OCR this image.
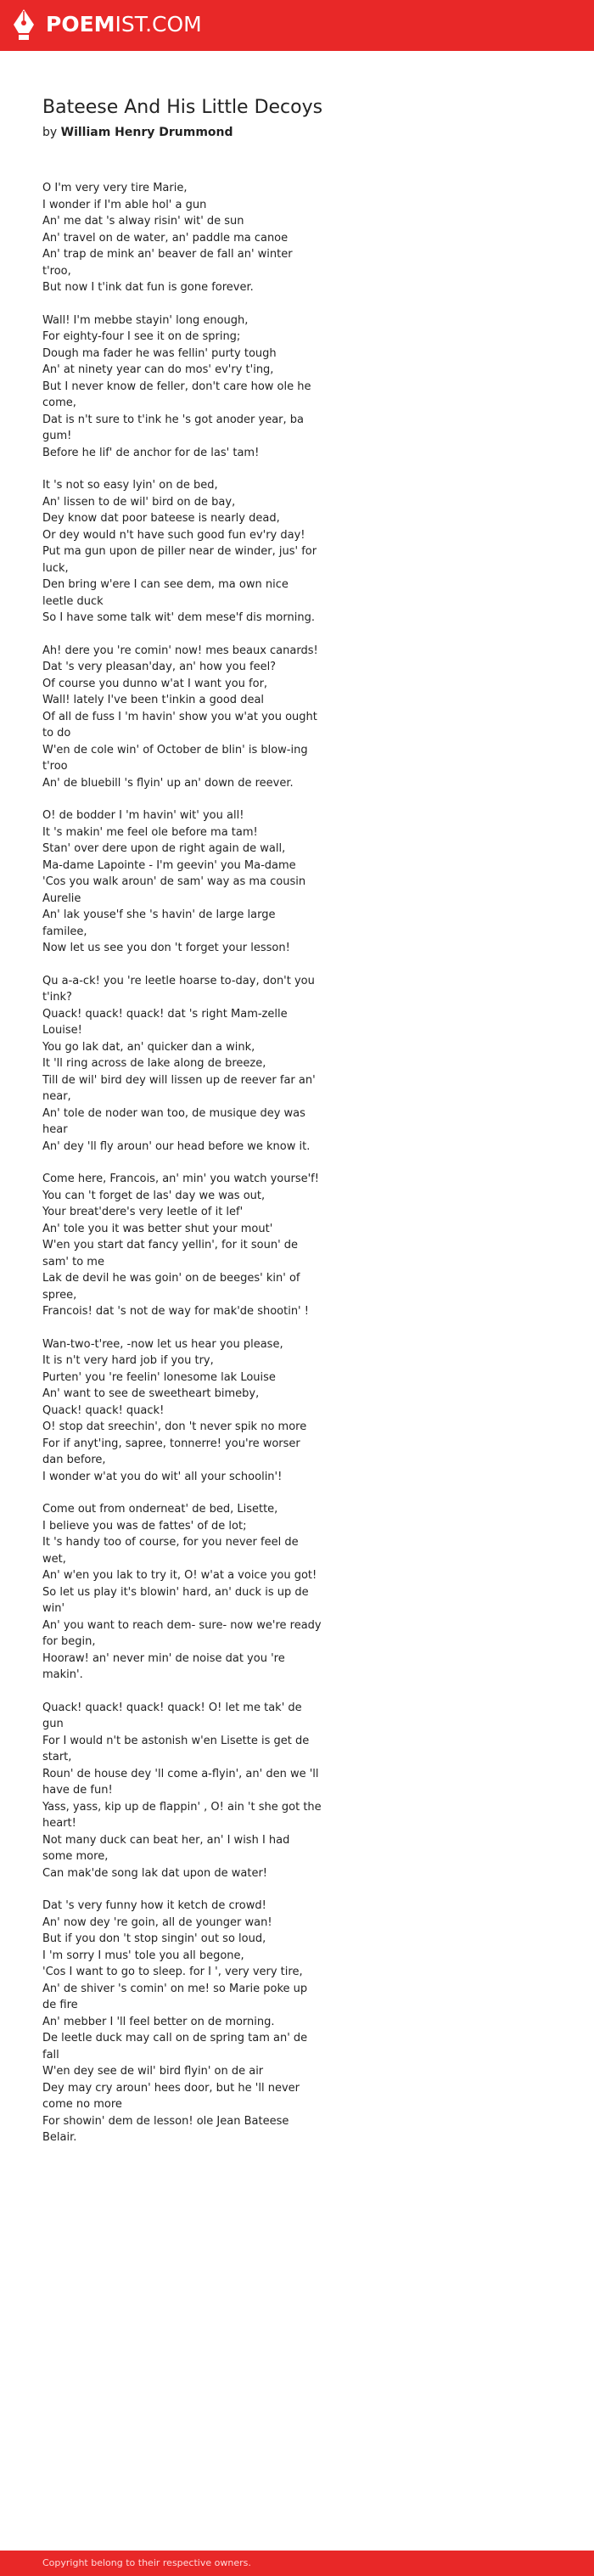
POEMIST.COM
Bateese And His Little Decoys
by William Henry Drummond
O I'm very very tire Marie,
I wonder if I'm able hol' a gun
An' me dat 's alway risin' wit' de sun
An' travel on de water, an' paddle ma canoe
An' trap de mink an' beaver de fall an' winter t'roo,
But now I t'ink dat fun is gone forever.
Wall! I'm mebbe stayin' long enough,
For eighty-four I see it on de spring;
Dough ma fader he was fellin' purty tough
An' at ninety year can do mos' ev'ry t'ing,
But I never know de feller, don't care how ole he come,
Dat is n't sure to t'ink he 's got anoder year, ba gum!
Before he lif' de anchor for de las' tam!
It 's not so easy lyin' on de bed,
An' lissen to de wil' bird on de bay,
Dey know dat poor bateese is nearly dead,
Or dey would n't have such good fun ev'ry day!
Put ma gun upon de piller near de winder, jus' for luck,
Den bring w'ere I can see dem, ma own nice leetle duck
So I have some talk wit' dem mese'f dis morning.
Ah! dere you 're comin' now! mes beaux canards!
Dat 's very pleasan'day, an' how you feel?
Of course you dunno w'at I want you for,
Wall! lately I've been t'inkin a good deal
Of all de fuss I 'm havin' show you w'at you ought to do
W'en de cole win' of October de blin' is blow-ing t'roo
An' de bluebill 's flyin' up an' down de reever.
O! de bodder I 'm havin' wit' you all!
It 's makin' me feel ole before ma tam!
Stan' over dere upon de right again de wall,
Ma-dame Lapointe - I'm geevin' you Ma-dame
'Cos you walk aroun' de sam' way as ma cousin Aurelie
An' lak youse'f she 's havin' de large large familee,
Now let us see you don 't forget your lesson!
Qu a-a-ck! you 're leetle hoarse to-day, don't you t'ink?
Quack! quack! quack! dat 's right Mam-zelle Louise!
You go lak dat, an' quicker dan a wink,
It 'll ring across de lake along de breeze,
Till de wil' bird dey will lissen up de reever far an' near,
An' tole de noder wan too, de musique dey was hear
An' dey 'll fly aroun' our head before we know it.
Come here, Francois, an' min' you watch yourse'f!
You can 't forget de las' day we was out,
Your breat'dere's very leetle of it lef'
An' tole you it was better shut your mout'
W'en you start dat fancy yellin', for it soun' de sam' to me
Lak de devil he was goin' on de beeges' kin' of spree,
Francois! dat 's not de way for mak'de shootin' !
Wan-two-t'ree, -now let us hear you please,
It is n't very hard job if you try,
Purten' you 're feelin' lonesome lak Louise
An' want to see de sweetheart bimeby,
Quack! quack! quack!
O! stop dat sreechin', don 't never spik no more
For if anyt'ing, sapree, tonnerre! you're worser dan before,
I wonder w'at you do wit' all your schoolin'!
Come out from onderneat' de bed, Lisette,
I believe you was de fattes' of de lot;
It 's handy too of course, for you never feel de wet,
An' w'en you lak to try it, O! w'at a voice you got!
So let us play it's blowin' hard, an' duck is up de win'
An' you want to reach dem- sure- now we're ready for begin,
Hooraw! an' never min' de noise dat you 're makin'.
Quack! quack! quack! quack! O! let me tak' de gun
For I would n't be astonish w'en Lisette is get de start,
Roun' de house dey 'll come a-flyin', an' den we 'll have de fun!
Yass, yass, kip up de flappin' , O! ain 't she got the heart!
Not many duck can beat her, an' I wish I had some more,
Can mak'de song lak dat upon de water!
Dat 's very funny how it ketch de crowd!
An' now dey 're goin, all de younger wan!
But if you don 't stop singin' out so loud,
I 'm sorry I mus' tole you all begone,
'Cos I want to go to sleep. for I ', very very tire,
An' de shiver 's comin' on me! so Marie poke up de fire
An' mebber I 'll feel better on de morning.
De leetle duck may call on de spring tam an' de fall
W'en dey see de wil' bird flyin' on de air
Dey may cry aroun' hees door, but he 'll never come no more
For showin' dem de lesson! ole Jean Bateese Belair.
Copyright belong to their respective owners.
